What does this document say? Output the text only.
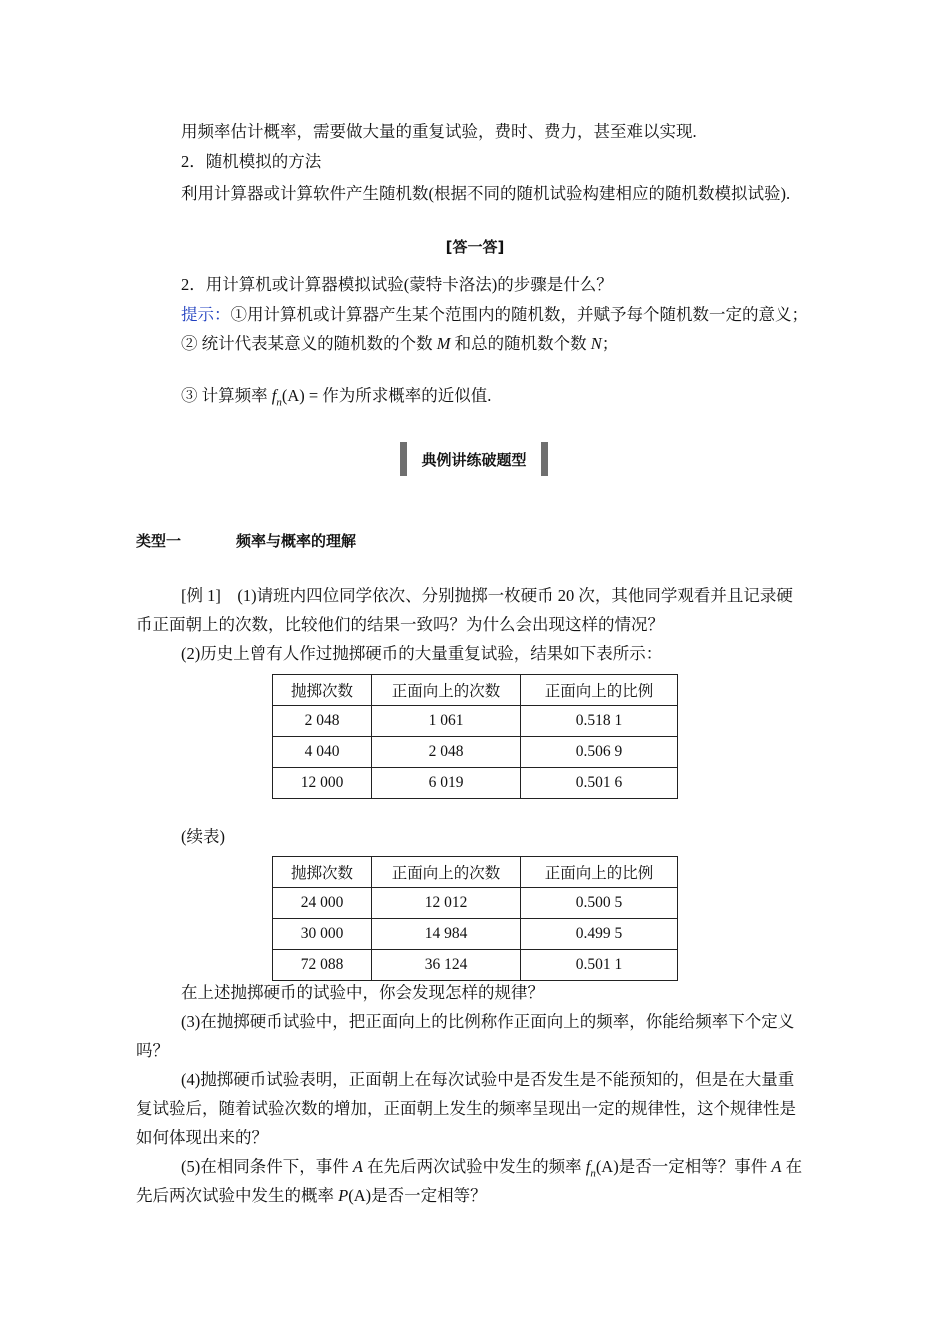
用频率估计概率，需要做大量的重复试验，费时、费力，甚至难以实现.
2．随机模拟的方法
利用计算器或计算软件产生随机数(根据不同的随机试验构建相应的随机数模拟试验).
[答一答]
2．用计算机或计算器模拟试验(蒙特卡洛法)的步骤是什么？
提示：①用计算机或计算器产生某个范围内的随机数，并赋予每个随机数一定的意义；
② 统计代表某意义的随机数的个数 M 和总的随机数个数 N；
③ 计算频率 $f_n(A)$ = 作为所求概率的近似值.
典例讲练破题型
类型一	频率与概率的理解
[例 1]　(1)请班内四位同学依次、分别抛掷一枚硬币 20 次，其他同学观看并且记录硬
币正面朝上的次数，比较他们的结果一致吗？为什么会出现这样的情况？
(2)历史上曾有人作过抛掷硬币的大量重复试验，结果如下表所示：
抛掷次数	正面向上的次数	正面向上的比例
2 048	1 061	0.518 1
4 040	2 048	0.506 9
12 000	6 019	0.501 6
(续表)
抛掷次数	正面向上的次数	正面向上的比例
24 000	12 012	0.500 5
30 000	14 984	0.499 5
72 088	36 124	0.501 1
在上述抛掷硬币的试验中，你会发现怎样的规律？
(3)在抛掷硬币试验中，把正面向上的比例称作正面向上的频率，你能给频率下个定义
吗？
(4)抛掷硬币试验表明，正面朝上在每次试验中是否发生是不能预知的，但是在大量重
复试验后，随着试验次数的增加，正面朝上发生的频率呈现出一定的规律性，这个规律性是
如何体现出来的？
(5)在相同条件下，事件 A 在先后两次试验中发生的频率 $f_n(A)$是否一定相等？事件 A 在
先后两次试验中发生的概率 P(A)是否一定相等？
